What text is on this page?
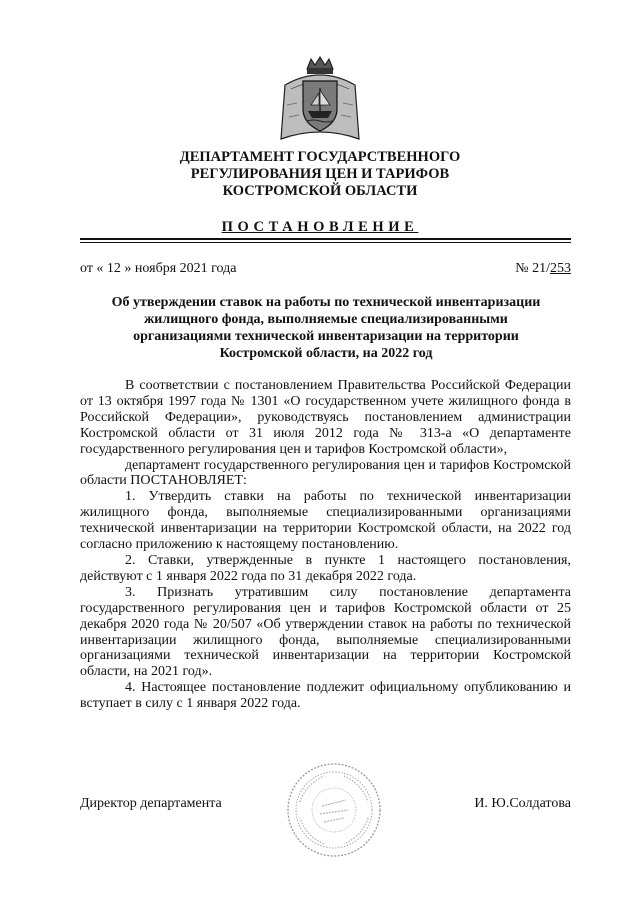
ДЕПАРТАМЕНТ ГОСУДАРСТВЕННОГО
РЕГУЛИРОВАНИЯ ЦЕН И ТАРИФОВ
КОСТРОМСКОЙ ОБЛАСТИ
ПОСТАНОВЛЕНИЕ
от « 12 » ноября 2021 года	№ 21/253
Об утверждении ставок на работы по технической инвентаризации
жилищного фонда, выполняемые специализированными
организациями технической инвентаризации на территории
Костромской области, на 2022 год

В соответствии с постановлением Правительства Российской Федерации от 13 октября 1997 года № 1301 «О государственном учете жилищного фонда в Российской Федерации», руководствуясь постановлением администрации Костромской области от 31 июля 2012 года № 313-а «О департаменте государственного регулирования цен и тарифов Костромской области»,

департамент государственного регулирования цен и тарифов Костромской области ПОСТАНОВЛЯЕТ:

1. Утвердить ставки на работы по технической инвентаризации жилищного фонда, выполняемые специализированными организациями технической инвентаризации на территории Костромской области, на 2022 год согласно приложению к настоящему постановлению.

2. Ставки, утвержденные в пункте 1 настоящего постановления, действуют с 1 января 2022 года по 31 декабря 2022 года.

3. Признать утратившим силу постановление департамента государственного регулирования цен и тарифов Костромской области от 25 декабря 2020 года № 20/507 «Об утверждении ставок на работы по технической инвентаризации жилищного фонда, выполняемые специализированными организациями технической инвентаризации на территории Костромской области, на 2021 год».

4. Настоящее постановление подлежит официальному опубликованию и вступает в силу с 1 января 2022 года.

Директор департамента	И. Ю.Солдатова
